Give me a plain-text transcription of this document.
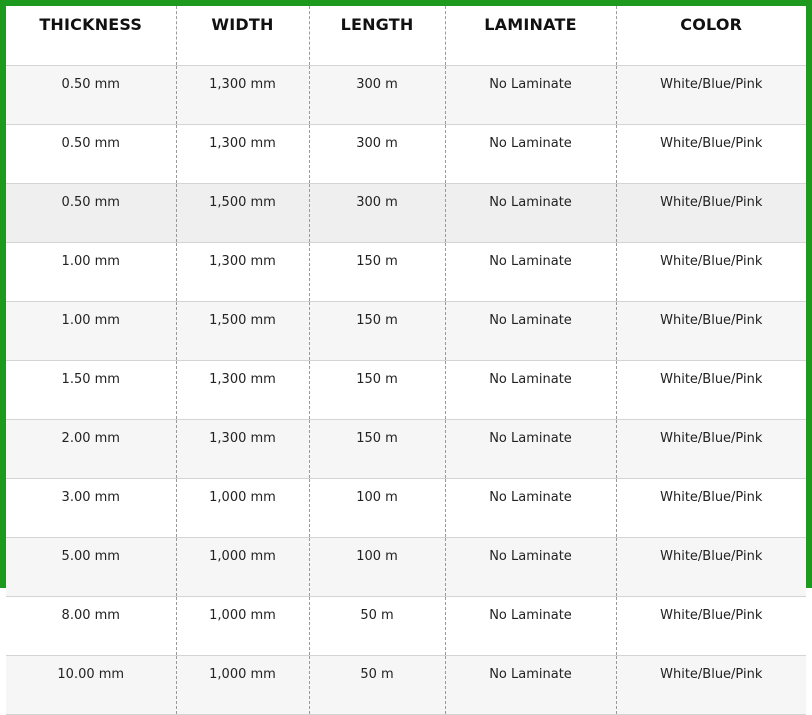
THICKNESS	WIDTH	LENGTH	LAMINATE	COLOR
0.50 mm	1,300 mm	300 m	No Laminate	White/Blue/Pink
0.50 mm	1,300 mm	300 m	No Laminate	White/Blue/Pink
0.50 mm	1,500 mm	300 m	No Laminate	White/Blue/Pink
1.00 mm	1,300 mm	150 m	No Laminate	White/Blue/Pink
1.00 mm	1,500 mm	150 m	No Laminate	White/Blue/Pink
1.50 mm	1,300 mm	150 m	No Laminate	White/Blue/Pink
2.00 mm	1,300 mm	150 m	No Laminate	White/Blue/Pink
3.00 mm	1,000 mm	100 m	No Laminate	White/Blue/Pink
5.00 mm	1,000 mm	100 m	No Laminate	White/Blue/Pink
8.00 mm	1,000 mm	50 m	No Laminate	White/Blue/Pink
10.00 mm	1,000 mm	50 m	No Laminate	White/Blue/Pink
